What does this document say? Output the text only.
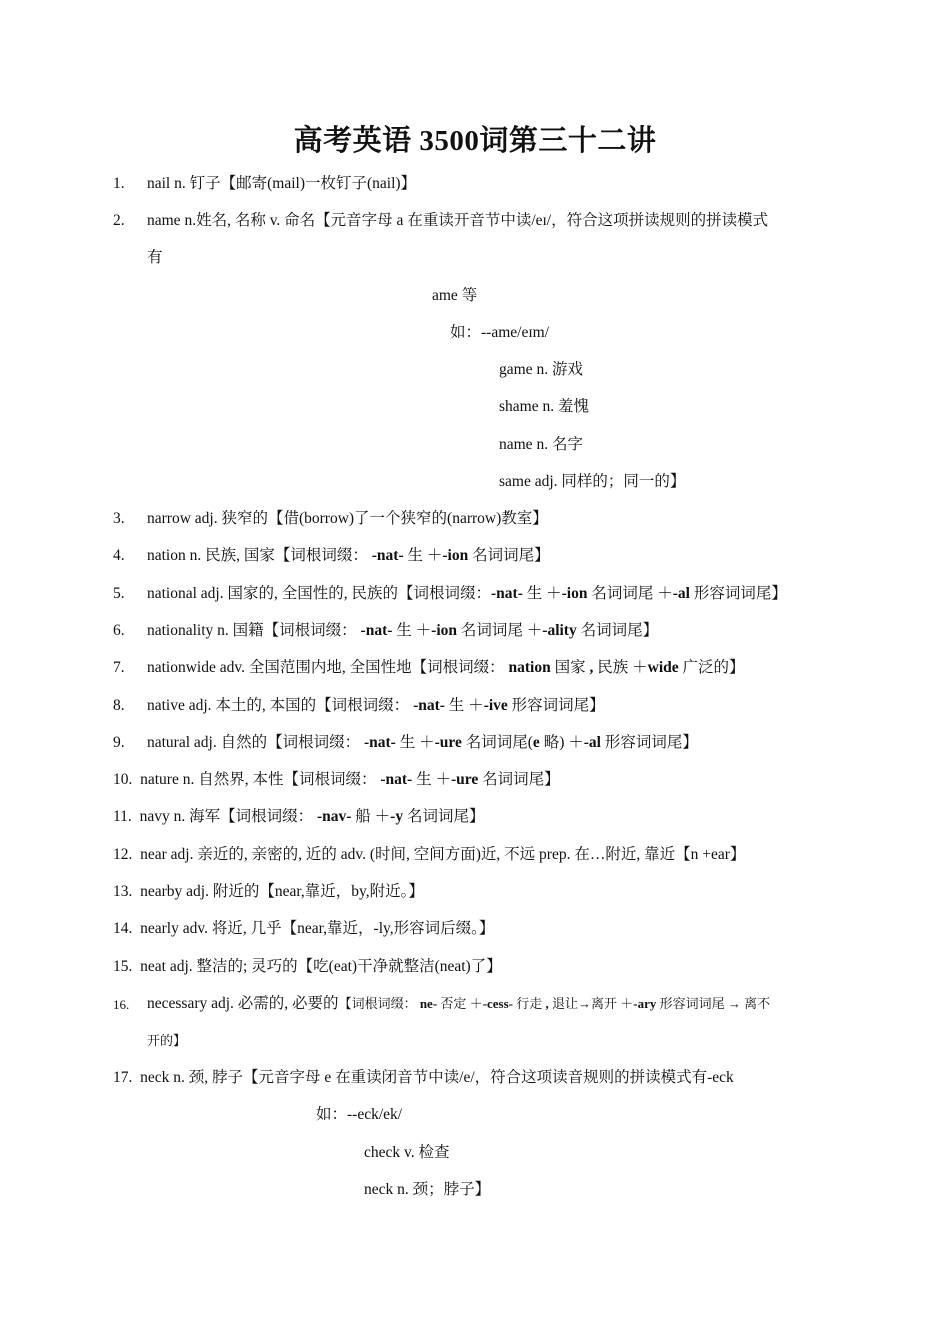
高考英语 3500词第三十二讲
1. nail n. 钉子【邮寄(mail)一枚钉子(nail)】
2. name n.姓名, 名称 v. 命名【元音字母 a 在重读开音节中读/eɪ/，符合这项拼读规则的拼读模式
有
ame 等
如：--ame/eɪm/
game n. 游戏
shame n. 羞愧
name n. 名字
same adj. 同样的；同一的】
3. narrow adj. 狭窄的【借(borrow)了一个狭窄的(narrow)教室】
4. nation n. 民族, 国家【词根词缀： -nat- 生 ＋-ion 名词词尾】
5. national adj. 国家的, 全国性的, 民族的【词根词缀：-nat- 生 ＋-ion 名词词尾 ＋-al 形容词词尾】
6. nationality n. 国籍【词根词缀： -nat- 生 ＋-ion 名词词尾 ＋-ality 名词词尾】
7. nationwide adv. 全国范围内地, 全国性地【词根词缀： nation 国家 , 民族 ＋wide 广泛的】
8. native adj. 本土的, 本国的【词根词缀： -nat- 生 ＋-ive 形容词词尾】
9. natural adj. 自然的【词根词缀： -nat- 生 ＋-ure 名词词尾(e 略) ＋-al 形容词词尾】
10. nature n. 自然界, 本性【词根词缀： -nat- 生 ＋-ure 名词词尾】
11. navy n. 海军【词根词缀： -nav- 船 ＋-y 名词词尾】
12. near adj. 亲近的, 亲密的, 近的 adv. (时间, 空间方面)近, 不远 prep. 在…附近, 靠近【n +ear】
13. nearby adj. 附近的【near,靠近，by,附近。】
14. nearly adv. 将近, 几乎【near,靠近，-ly,形容词后缀。】
15. neat adj. 整洁的; 灵巧的【吃(eat)干净就整洁(neat)了】
16. necessary adj. 必需的, 必要的【词根词缀： ne- 否定 ＋-cess- 行走 , 退让→离开 ＋-ary 形容词词尾 → 离不
开的】
17. neck n. 颈, 脖子【元音字母 e 在重读闭音节中读/e/，符合这项读音规则的拼读模式有-eck
如：--eck/ek/
check v. 检查
neck n. 颈；脖子】
